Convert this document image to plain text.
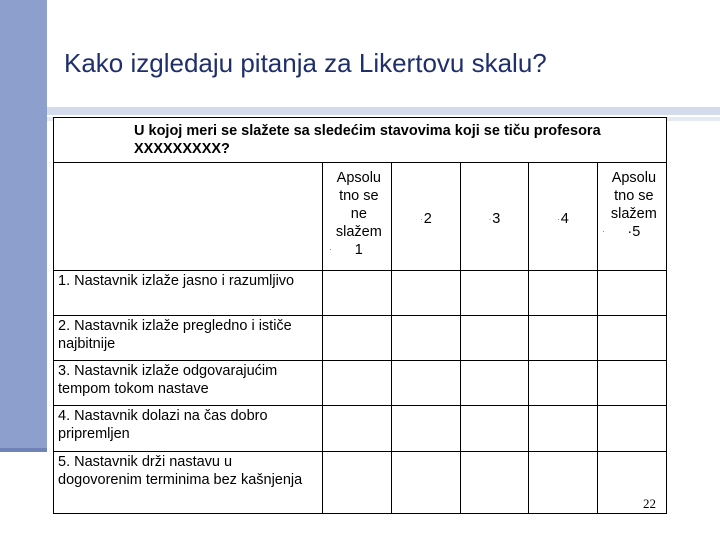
Kako izgledaju pitanja za Likertovu skalu?
U kojoj meri se slažete sa sledećim stavovima koji se tiču profesora XXXXXXXXX?					
	·Apsolu tno se ne slažem 1	·2	·3	·4	·Apsolu tno se slažem ·5
1. Nastavnik izlaže jasno i razumljivo					
2. Nastavnik izlaže pregledno i ističe najbitnije					
3. Nastavnik izlaže odgovarajućim tempom tokom nastave					
4. Nastavnik dolazi na čas dobro pripremljen					
5. Nastavnik drži nastavu u dogovorenim terminima bez kašnjenja					
22
